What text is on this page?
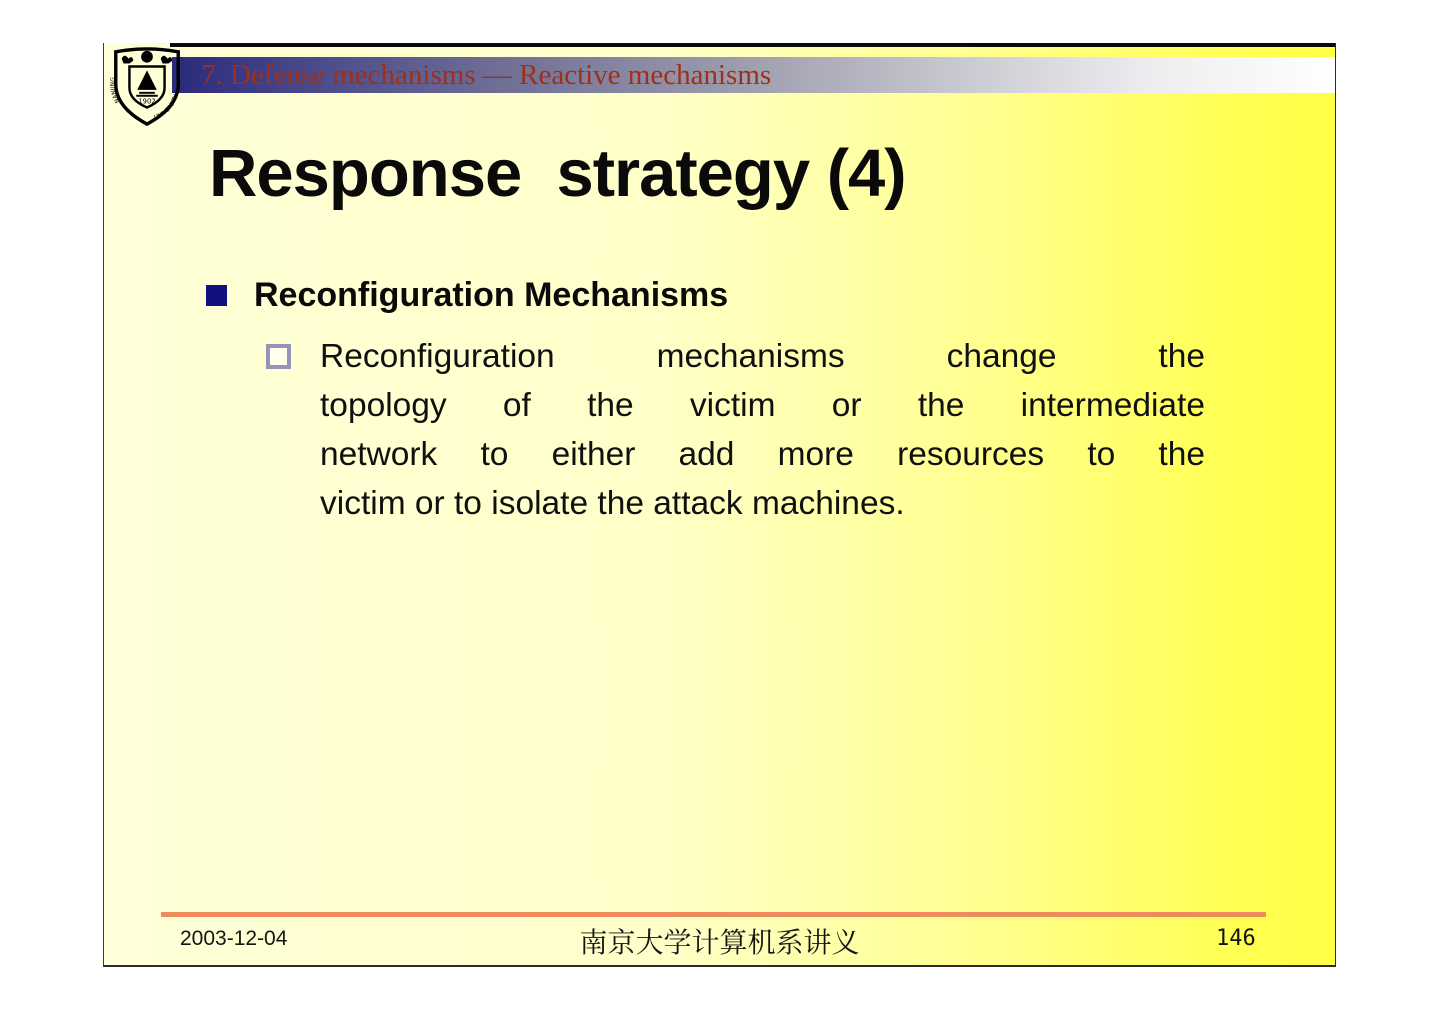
7. Defense mechanisms — Reactive mechanisms
1902
NANJING
UNIVERSITY
Response  strategy (4)
Reconfiguration Mechanisms
Reconfiguration mechanisms change the
topology of the victim or the intermediate
network to either add more resources to the
victim or to isolate the attack machines.
2003-12-04	南京大学计算机系讲义	146
